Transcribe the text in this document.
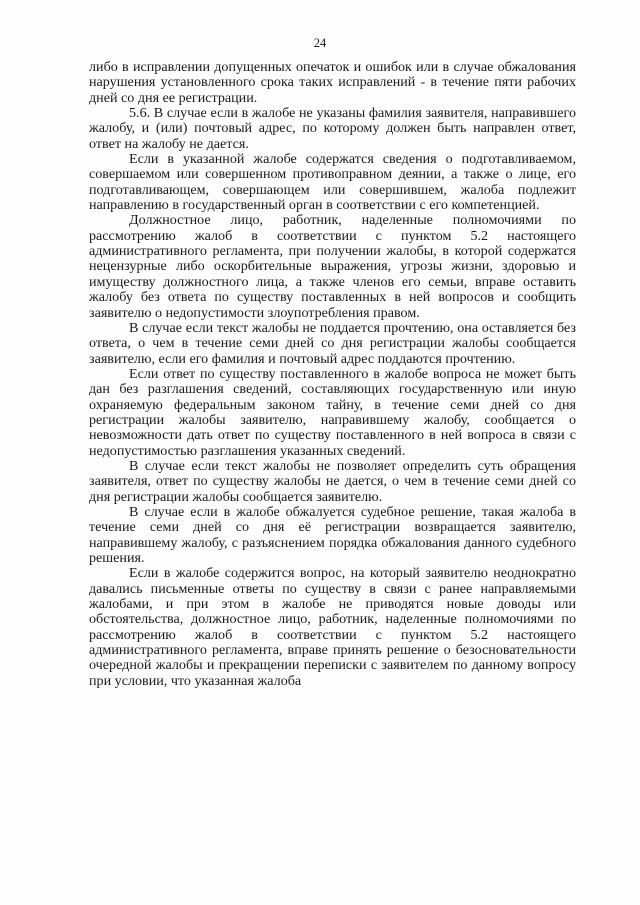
24

либо в исправлении допущенных опечаток и ошибок или в случае обжалования нарушения установленного срока таких исправлений - в течение пяти рабочих дней со дня ее регистрации.

5.6. В случае если в жалобе не указаны фамилия заявителя, направившего жалобу, и (или) почтовый адрес, по которому должен быть направлен ответ, ответ на жалобу не дается.

Если в указанной жалобе содержатся сведения о подготавливаемом, совершаемом или совершенном противоправном деянии, а также о лице, его подготавливающем, совершающем или совершившем, жалоба подлежит направлению в государственный орган в соответствии с его компетенцией.

Должностное лицо, работник, наделенные полномочиями по рассмотрению жалоб в соответствии с пунктом 5.2 настоящего административного регламента, при получении жалобы, в которой содержатся нецензурные либо оскорбительные выражения, угрозы жизни, здоровью и имуществу должностного лица, а также членов его семьи, вправе оставить жалобу без ответа по существу поставленных в ней вопросов и сообщить заявителю о недопустимости злоупотребления правом.

В случае если текст жалобы не поддается прочтению, она оставляется без ответа, о чем в течение семи дней со дня регистрации жалобы сообщается заявителю, если его фамилия и почтовый адрес поддаются прочтению.

Если ответ по существу поставленного в жалобе вопроса не может быть дан без разглашения сведений, составляющих государственную или иную охраняемую федеральным законом тайну, в течение семи дней со дня регистрации жалобы заявителю, направившему жалобу, сообщается о невозможности дать ответ по существу поставленного в ней вопроса в связи с недопустимостью разглашения указанных сведений.

В случае если текст жалобы не позволяет определить суть обращения заявителя, ответ по существу жалобы не дается, о чем в течение семи дней со дня регистрации жалобы сообщается заявителю.

В случае если в жалобе обжалуется судебное решение, такая жалоба в течение семи дней со дня её регистрации возвращается заявителю, направившему жалобу, с разъяснением порядка обжалования данного судебного решения.

Если в жалобе содержится вопрос, на который заявителю неоднократно давались письменные ответы по существу в связи с ранее направляемыми жалобами, и при этом в жалобе не приводятся новые доводы или обстоятельства, должностное лицо, работник, наделенные полномочиями по рассмотрению жалоб в соответствии с пунктом 5.2 настоящего административного регламента, вправе принять решение о безосновательности очередной жалобы и прекращении переписки с заявителем по данному вопросу при условии, что указанная жалоба
